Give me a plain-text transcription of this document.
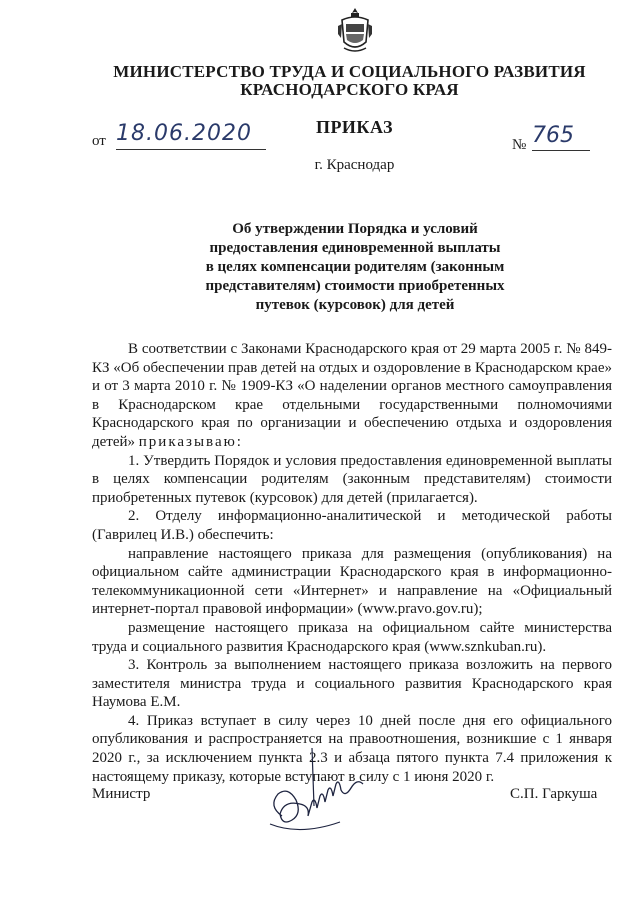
МИНИСТЕРСТВО ТРУДА И СОЦИАЛЬНОГО РАЗВИТИЯ
КРАСНОДАРСКОГО КРАЯ
ПРИКАЗ
от 18.06.2020	№ 765
г. Краснодар
Об утверждении Порядка и условий
предоставления единовременной выплаты
в целях компенсации родителям (законным
представителям) стоимости приобретенных
путевок (курсовок) для детей

В соответствии с Законами Краснодарского края от 29 марта 2005 г. № 849-КЗ «Об обеспечении прав детей на отдых и оздоровление в Краснодарском крае» и от 3 марта 2010 г. № 1909-КЗ «О наделении органов местного самоуправления в Краснодарском крае отдельными государственными полномочиями Краснодарского края по организации и обеспечению отдыха и оздоровления детей» приказываю:

1. Утвердить Порядок и условия предоставления единовременной выплаты в целях компенсации родителям (законным представителям) стоимости приобретенных путевок (курсовок) для детей (прилагается).

2. Отделу информационно-аналитической и методической работы (Гаврилец И.В.) обеспечить:

направление настоящего приказа для размещения (опубликования) на официальном сайте администрации Краснодарского края в информационно-телекоммуникационной сети «Интернет» и направление на «Официальный интернет-портал правовой информации» (www.pravo.gov.ru);

размещение настоящего приказа на официальном сайте министерства труда и социального развития Краснодарского края (www.sznkuban.ru).

3. Контроль за выполнением настоящего приказа возложить на первого заместителя министра труда и социального развития Краснодарского края Наумова Е.М.

4. Приказ вступает в силу через 10 дней после дня его официального опубликования и распространяется на правоотношения, возникшие с 1 января 2020 г., за исключением пункта 2.3 и абзаца пятого пункта 7.4 приложения к настоящему приказу, которые вступают в силу с 1 июня 2020 г.

Министр	С.П. Гаркуша
